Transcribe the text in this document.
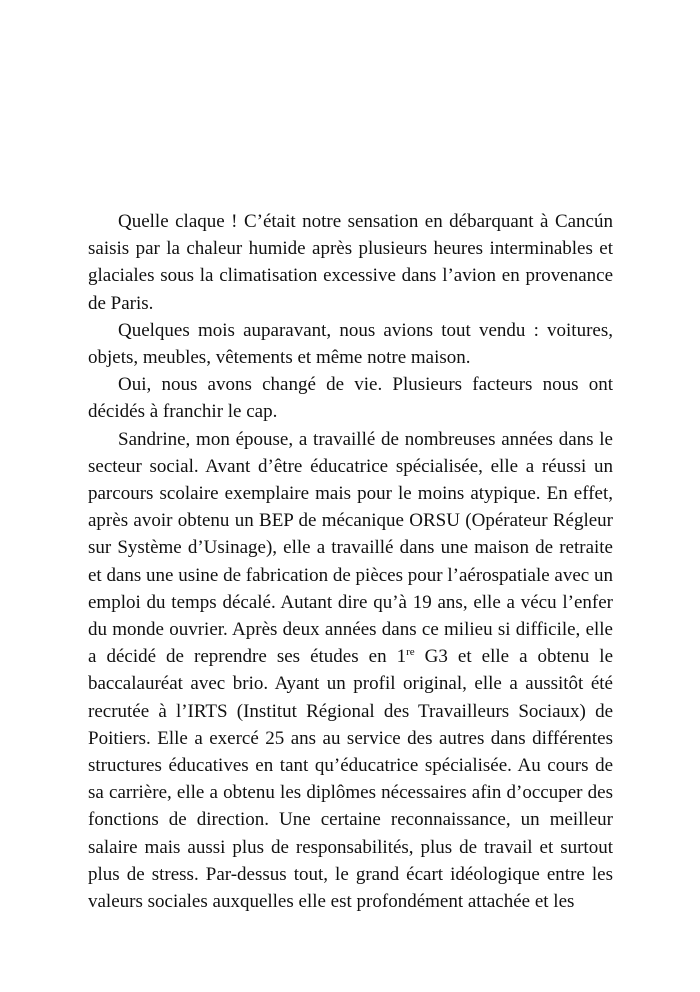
Quelle claque ! C’était notre sensation en débarquant à Cancún saisis par la chaleur humide après plusieurs heures interminables et glaciales sous la climatisation excessive dans l’avion en provenance de Paris.

Quelques mois auparavant, nous avions tout vendu : voitures, objets, meubles, vêtements et même notre maison.

Oui, nous avons changé de vie. Plusieurs facteurs nous ont décidés à franchir le cap.

Sandrine, mon épouse, a travaillé de nombreuses années dans le secteur social. Avant d’être éducatrice spécialisée, elle a réussi un parcours scolaire exemplaire mais pour le moins atypique. En effet, après avoir obtenu un BEP de mécanique ORSU (Opérateur Régleur sur Système d’Usinage), elle a travaillé dans une maison de retraite et dans une usine de fabrication de pièces pour l’aérospatiale avec un emploi du temps décalé. Autant dire qu’à 19 ans, elle a vécu l’enfer du monde ouvrier. Après deux années dans ce milieu si difficile, elle a décidé de reprendre ses études en 1re G3 et elle a obtenu le baccalauréat avec brio. Ayant un profil original, elle a aussitôt été recrutée à l’IRTS (Institut Régional des Travailleurs Sociaux) de Poitiers. Elle a exercé 25 ans au service des autres dans différentes structures éducatives en tant qu’éducatrice spécialisée. Au cours de sa carrière, elle a obtenu les diplômes nécessaires afin d’occuper des fonctions de direction. Une certaine reconnaissance, un meilleur salaire mais aussi plus de responsabilités, plus de travail et surtout plus de stress. Par-dessus tout, le grand écart idéologique entre les valeurs sociales auxquelles elle est profondément attachée et les
